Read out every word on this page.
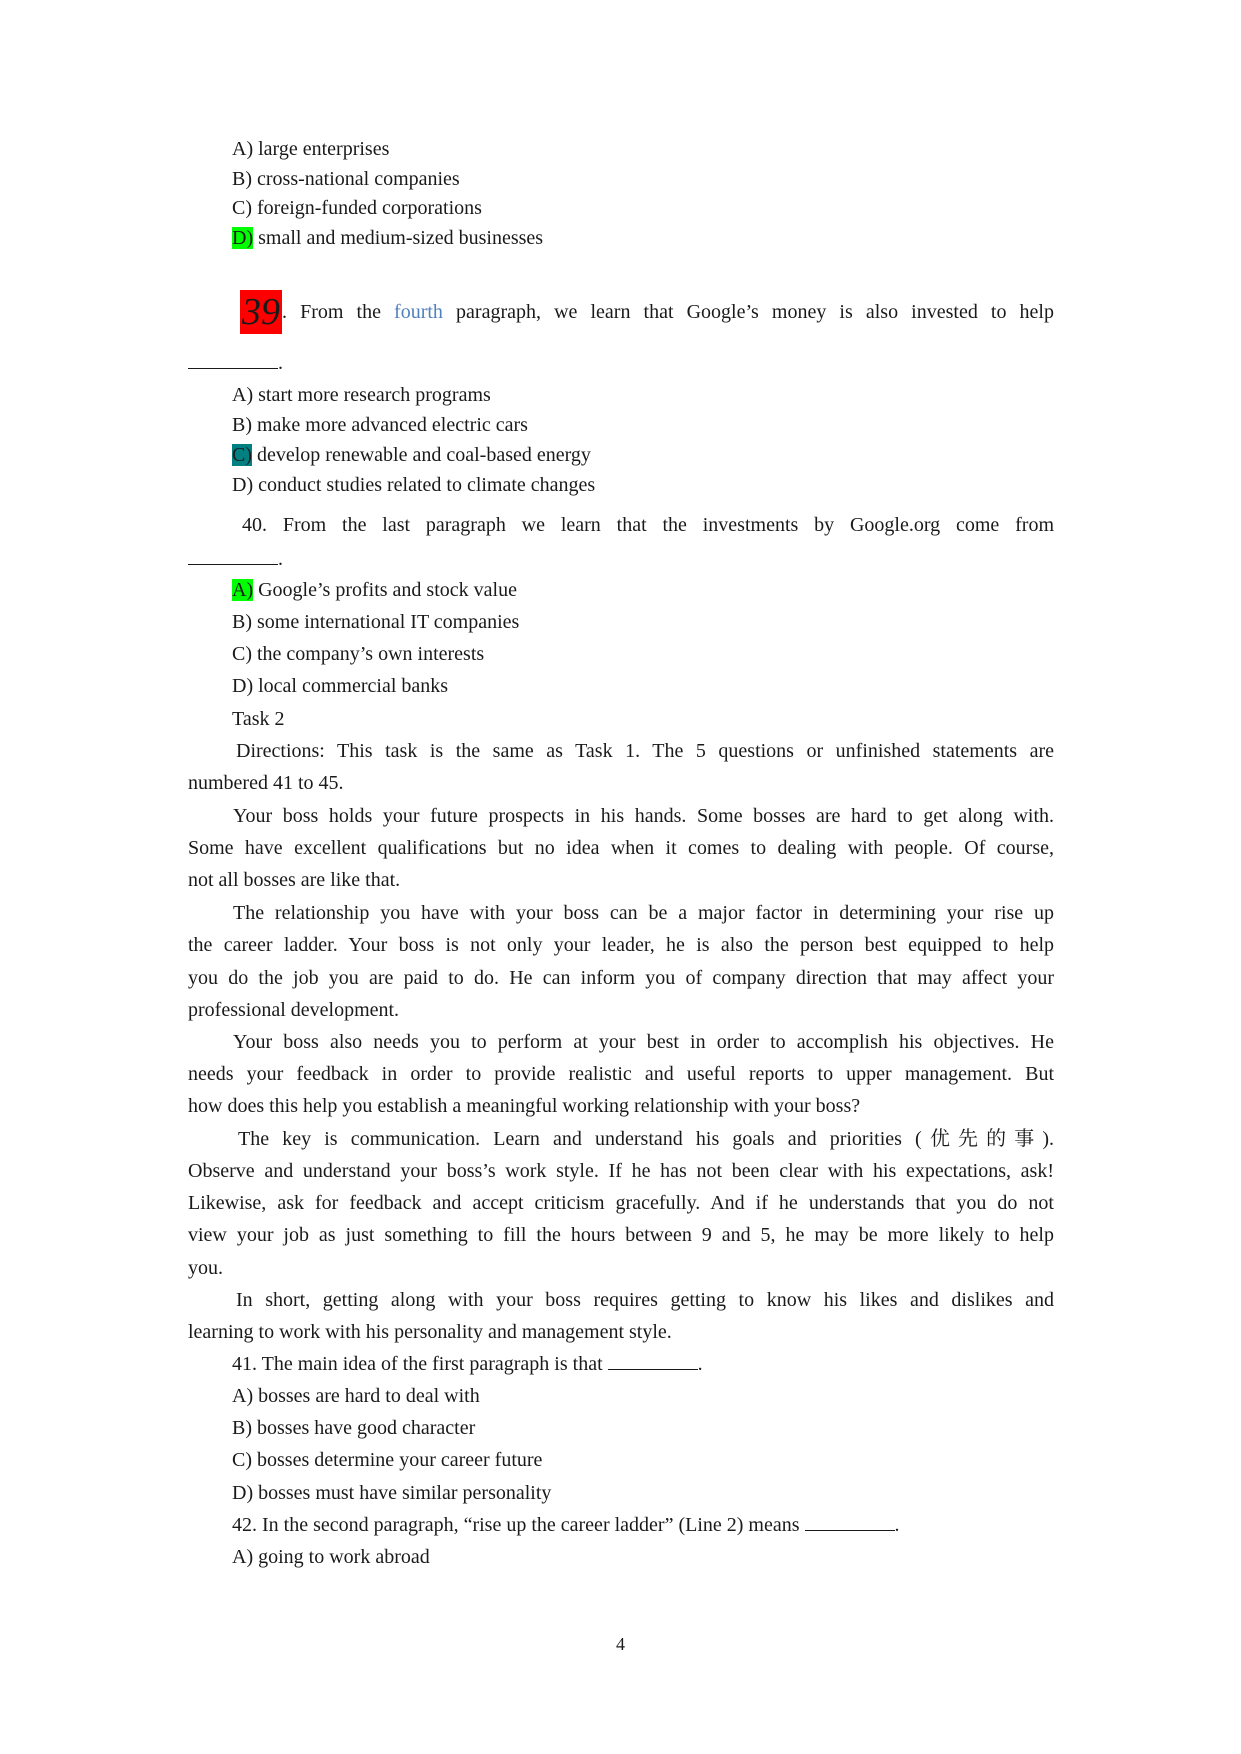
A) large enterprises
B) cross-national companies
C) foreign-funded corporations
D) small and medium-sized businesses
39 . From the fourth paragraph, we learn that Google’s money is also invested to help
.
A) start more research programs
B) make more advanced electric cars
C) develop renewable and coal-based energy
D) conduct studies related to climate changes
40. From the last paragraph we learn that the investments by Google.org come from
.
A) Google’s profits and stock value
B) some international IT companies
C) the company’s own interests
D) local commercial banks
Task 2
Directions: This task is the same as Task 1. The 5 questions or unfinished statements are
numbered 41 to 45.
Your boss holds your future prospects in his hands. Some bosses are hard to get along with.
Some have excellent qualifications but no idea when it comes to dealing with people. Of course,
not all bosses are like that.
The relationship you have with your boss can be a major factor in determining your rise up
the career ladder. Your boss is not only your leader, he is also the person best equipped to help
you do the job you are paid to do. He can inform you of company direction that may affect your
professional development.
Your boss also needs you to perform at your best in order to accomplish his objectives. He
needs your feedback in order to provide realistic and useful reports to upper management. But
how does this help you establish a meaningful working relationship with your boss?
The key is communication. Learn and understand his goals and priorities (优先的事).
Observe and understand your boss’s work style. If he has not been clear with his expectations, ask!
Likewise, ask for feedback and accept criticism gracefully. And if he understands that you do not
view your job as just something to fill the hours between 9 and 5, he may be more likely to help
you.
In short, getting along with your boss requires getting to know his likes and dislikes and
learning to work with his personality and management style.
41. The main idea of the first paragraph is that	.
A) bosses are hard to deal with
B) bosses have good character
C) bosses determine your career future
D) bosses must have similar personality
42. In the second paragraph, “rise up the career ladder” (Line 2) means	.
A) going to work abroad
4
